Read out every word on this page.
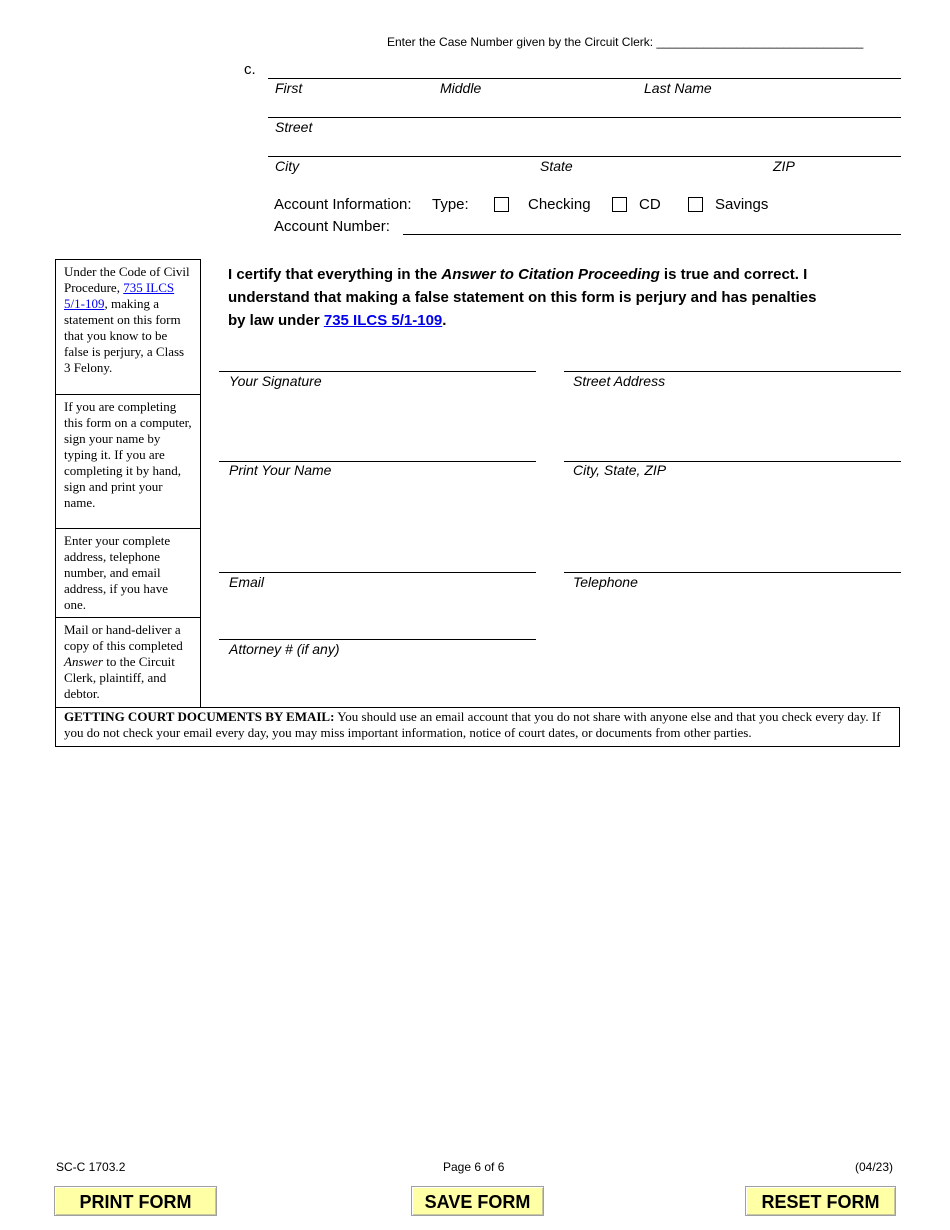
Enter the Case Number given by the Circuit Clerk: _______________________________
c.
First	Middle	Last Name
Street
City	State	ZIP
Account Information: Type:	Checking	CD	Savings
Account Number:
Under the Code of Civil Procedure, 735 ILCS 5/1-109, making a statement on this form that you know to be false is perjury, a Class 3 Felony.
If you are completing this form on a computer, sign your name by typing it. If you are completing it by hand, sign and print your name.
Enter your complete address, telephone number, and email address, if you have one.
Mail or hand-deliver a copy of this completed Answer to the Circuit Clerk, plaintiff, and debtor.
I certify that everything in the Answer to Citation Proceeding is true and correct. I understand that making a false statement on this form is perjury and has penalties by law under 735 ILCS 5/1-109.
Your Signature	Street Address
Print Your Name	City, State, ZIP
Email	Telephone
Attorney # (if any)
GETTING COURT DOCUMENTS BY EMAIL: You should use an email account that you do not share with anyone else and that you check every day. If you do not check your email every day, you may miss important information, notice of court dates, or documents from other parties.
SC-C 1703.2	Page 6 of 6	(04/23)
PRINT FORM	SAVE FORM	RESET FORM
